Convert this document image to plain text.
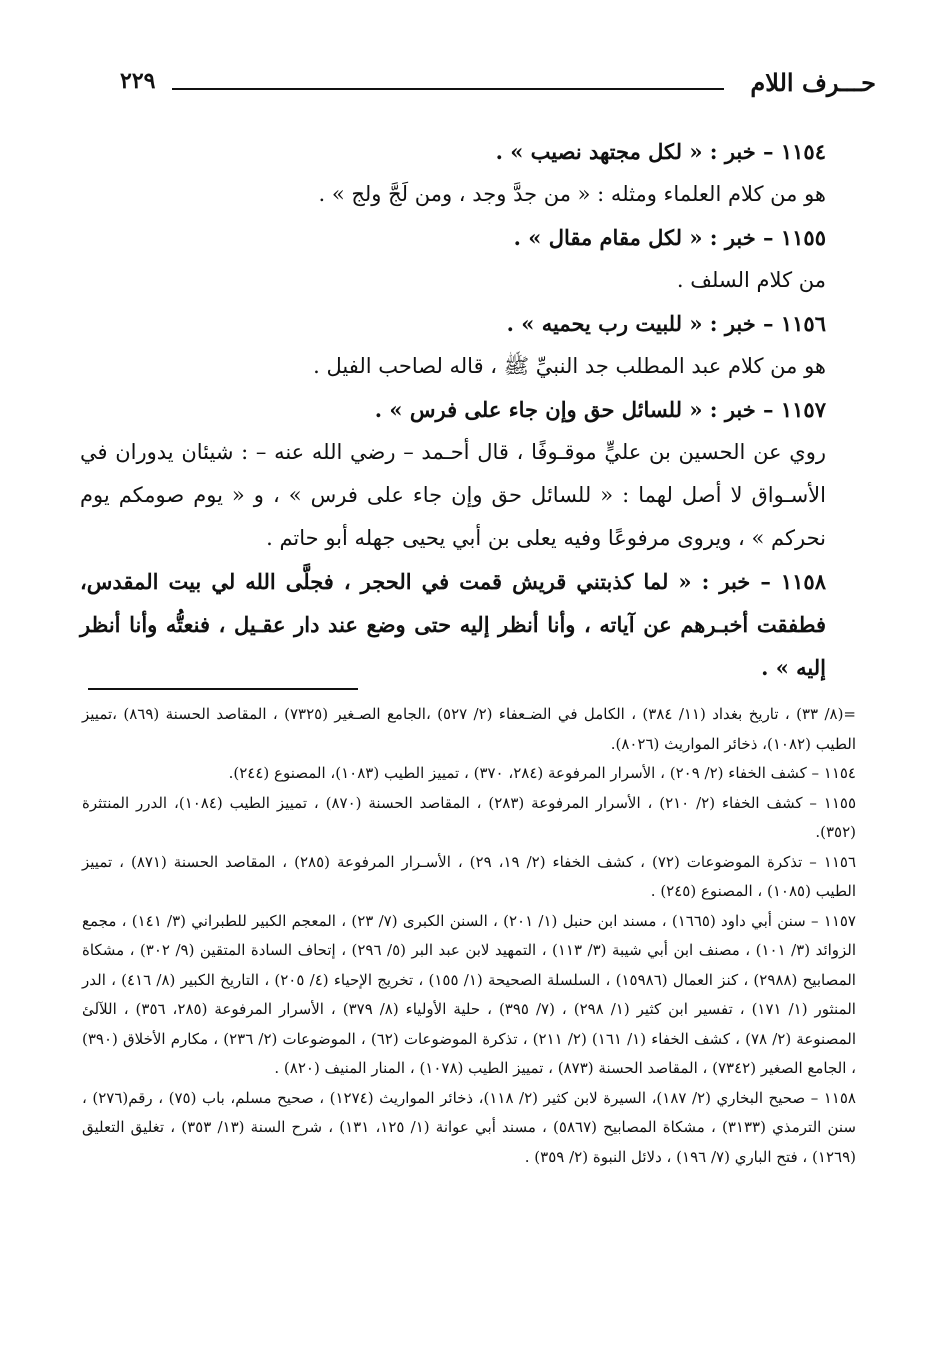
حـــرف اللام
٢٢٩

١١٥٤ – خبر : « لكل مجتهد نصيب » .

هو من كلام العلماء ومثله : « من جدَّ وجد ، ومن لَجَّ ولج » .

١١٥٥ – خبر : « لكل مقام مقال » .

من كلام السلف .

١١٥٦ – خبر : « للبيت رب يحميه » .

هو من كلام عبد المطلب جد النبيِّ ﷺ ، قاله لصاحب الفيل .

١١٥٧ – خبر : « للسائل حق وإن جاء على فرس » .

روي عن الحسين بن عليٍّ موقـوفًا ، قال أحـمد – رضي الله عنه – : شيئان يدوران في الأسـواق لا أصل لهما : « للسائل حق وإن جاء على فرس » ، و « يوم صومكم يوم نحركم » ، ويروى مرفوعًا وفيه يعلى بن أبي يحيى جهله أبو حاتم .

١١٥٨ – خبر : « لما كذبتني قريش قمت في الحجر ، فجلَّى الله لي بيت المقدس، فطفقت أخبـرهم عن آياته ، وأنا أنظر إليه حتى وضع عند دار عقـيل ، فنعتُّه وأنا أنظر إليه » .

=(٨/ ٣٣) ، تاريخ بغداد (١١/ ٣٨٤) ، الكامل في الضـعفاء (٢/ ٥٢٧) ،الجامع الصـغير (٧٣٢٥) ، المقاصد الحسنة (٨٦٩) ،تمييز الطيب (١٠٨٢)، ذخائر المواريث (٨٠٢٦).

١١٥٤ – كشف الخفاء (٢/ ٢٠٩) ، الأسرار المرفوعة (٢٨٤، ٣٧٠) ، تمييز الطيب (١٠٨٣)، المصنوع (٢٤٤).

١١٥٥ – كشف الخفاء (٢/ ٢١٠) ، الأسرار المرفوعة (٢٨٣) ، المقاصد الحسنة (٨٧٠) ، تمييز الطيب (١٠٨٤)، الدرر المنتثرة (٣٥٢).

١١٥٦ – تذكرة الموضوعات (٧٢) ، كشف الخفاء (٢/ ١٩، ٢٩) ، الأسـرار المرفوعة (٢٨٥) ، المقاصد الحسنة (٨٧١) ، تمييز الطيب (١٠٨٥) ، المصنوع (٢٤٥) .

١١٥٧ – سنن أبي داود (١٦٦٥) ، مسند ابن حنبل (١/ ٢٠١) ، السنن الكبرى (٧/ ٢٣) ، المعجم الكبير للطبراني (٣/ ١٤١) ، مجمع الزوائد (٣/ ١٠١) ، مصنف ابن أبي شيبة (٣/ ١١٣) ، التمهيد لابن عبد البر (٥/ ٢٩٦) ، إتحاف السادة المتقين (٩/ ٣٠٢) ، مشكاة المصابيح (٢٩٨٨) ، كنز العمال (١٥٩٨٦) ، السلسلة الصحيحة (١/ ١٥٥) ، تخريج الإحياء (٤/ ٢٠٥) ، التاريخ الكبير (٨/ ٤١٦) ، الدر المنثور (١/ ١٧١) ، تفسير ابن كثير (١/ ٢٩٨) ، (٧/ ٣٩٥) ، حلية الأولياء (٨/ ٣٧٩) ، الأسرار المرفوعة (٢٨٥، ٣٥٦) ، اللآلئ المصنوعة (٢/ ٧٨) ، كشف الخفاء (١/ ١٦١) (٢/ ٢١١) ، تذكرة الموضوعات (٦٢) ، الموضوعات (٢/ ٢٣٦) ، مكارم الأخلاق (٣٩٠) ، الجامع الصغير (٧٣٤٢) ، المقاصد الحسنة (٨٧٣) ، تمييز الطيب (١٠٧٨) ، المنار المنيف (٨٢٠) .

١١٥٨ – صحيح البخاري (٢/ ١٨٧)، السيرة لابن كثير (٢/ ١١٨)، ذخائر المواريث (١٢٧٤) ، صحيح مسلم، باب (٧٥) ، رقم(٢٧٦) ، سنن الترمذي (٣١٣٣) ، مشكاة المصابيح (٥٨٦٧) ، مسند أبي عوانة (١/ ١٢٥، ١٣١) ، شرح السنة (١٣/ ٣٥٣) ، تغليق التعليق (١٢٦٩) ، فتح الباري (٧/ ١٩٦) ، دلائل النبوة (٢/ ٣٥٩) .
